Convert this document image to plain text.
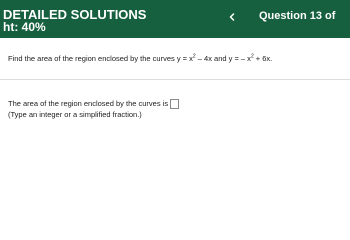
DETAILED SOLUTIONS
ht: 40%
Question 13 of
Find the area of the region enclosed by the curves $y = x^2 - 4x$ and y = – $x^2 + 6x$.
The area of the region enclosed by the curves is
(Type an integer or a simplified fraction.)
